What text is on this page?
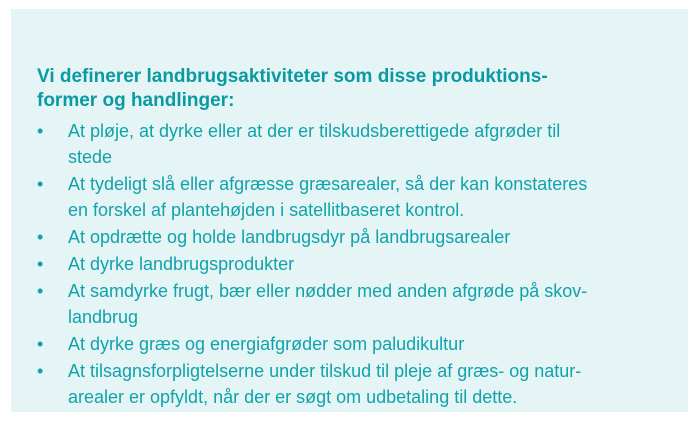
Vi definerer landbrugsaktiviteter som disse produktions-
former og handlinger:

• At pløje, at dyrke eller at der er tilskudsberettigede afgrøder til
stede
• At tydeligt slå eller afgræsse græsarealer, så der kan konstateres
en forskel af plantehøjden i satellitbaseret kontrol.
• At opdrætte og holde landbrugsdyr på landbrugsarealer
• At dyrke landbrugsprodukter
• At samdyrke frugt, bær eller nødder med anden afgrøde på skov-
landbrug
• At dyrke græs og energiafgrøder som paludikultur
• At tilsagnsforpligtelserne under tilskud til pleje af græs- og natur-
arealer er opfyldt, når der er søgt om udbetaling til dette.
